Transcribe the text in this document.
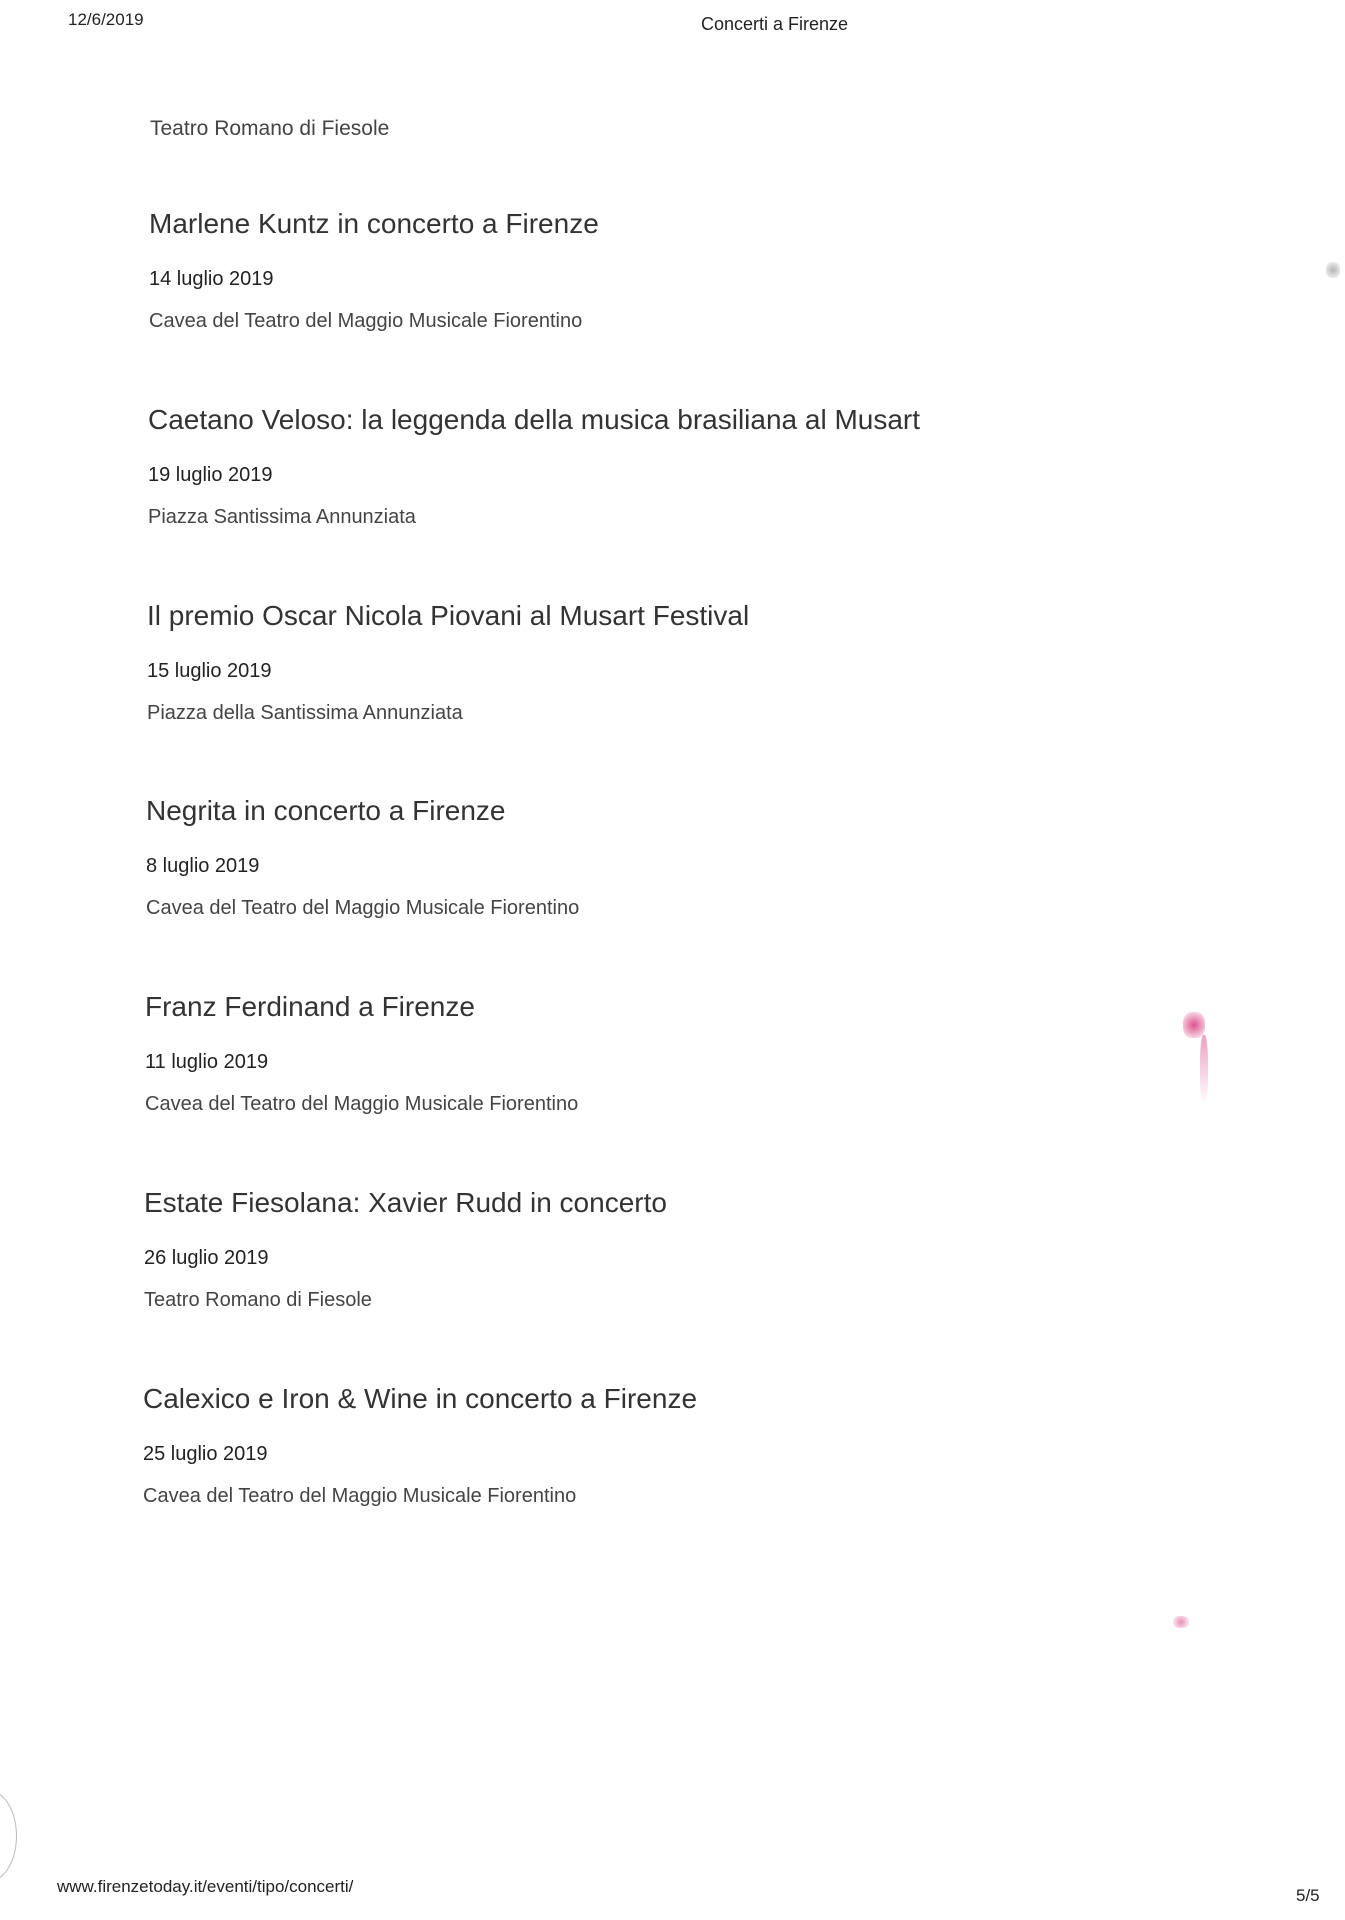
12/6/2019	Concerti a Firenze
Teatro Romano di Fiesole
Marlene Kuntz in concerto a Firenze
14 luglio 2019
Cavea del Teatro del Maggio Musicale Fiorentino
Caetano Veloso: la leggenda della musica brasiliana al Musart
19 luglio 2019
Piazza Santissima Annunziata
Il premio Oscar Nicola Piovani al Musart Festival
15 luglio 2019
Piazza della Santissima Annunziata
Negrita in concerto a Firenze
8 luglio 2019
Cavea del Teatro del Maggio Musicale Fiorentino
Franz Ferdinand a Firenze
11 luglio 2019
Cavea del Teatro del Maggio Musicale Fiorentino
Estate Fiesolana: Xavier Rudd in concerto
26 luglio 2019
Teatro Romano di Fiesole
Calexico e Iron & Wine in concerto a Firenze
25 luglio 2019
Cavea del Teatro del Maggio Musicale Fiorentino
www.firenzetoday.it/eventi/tipo/concerti/	5/5
